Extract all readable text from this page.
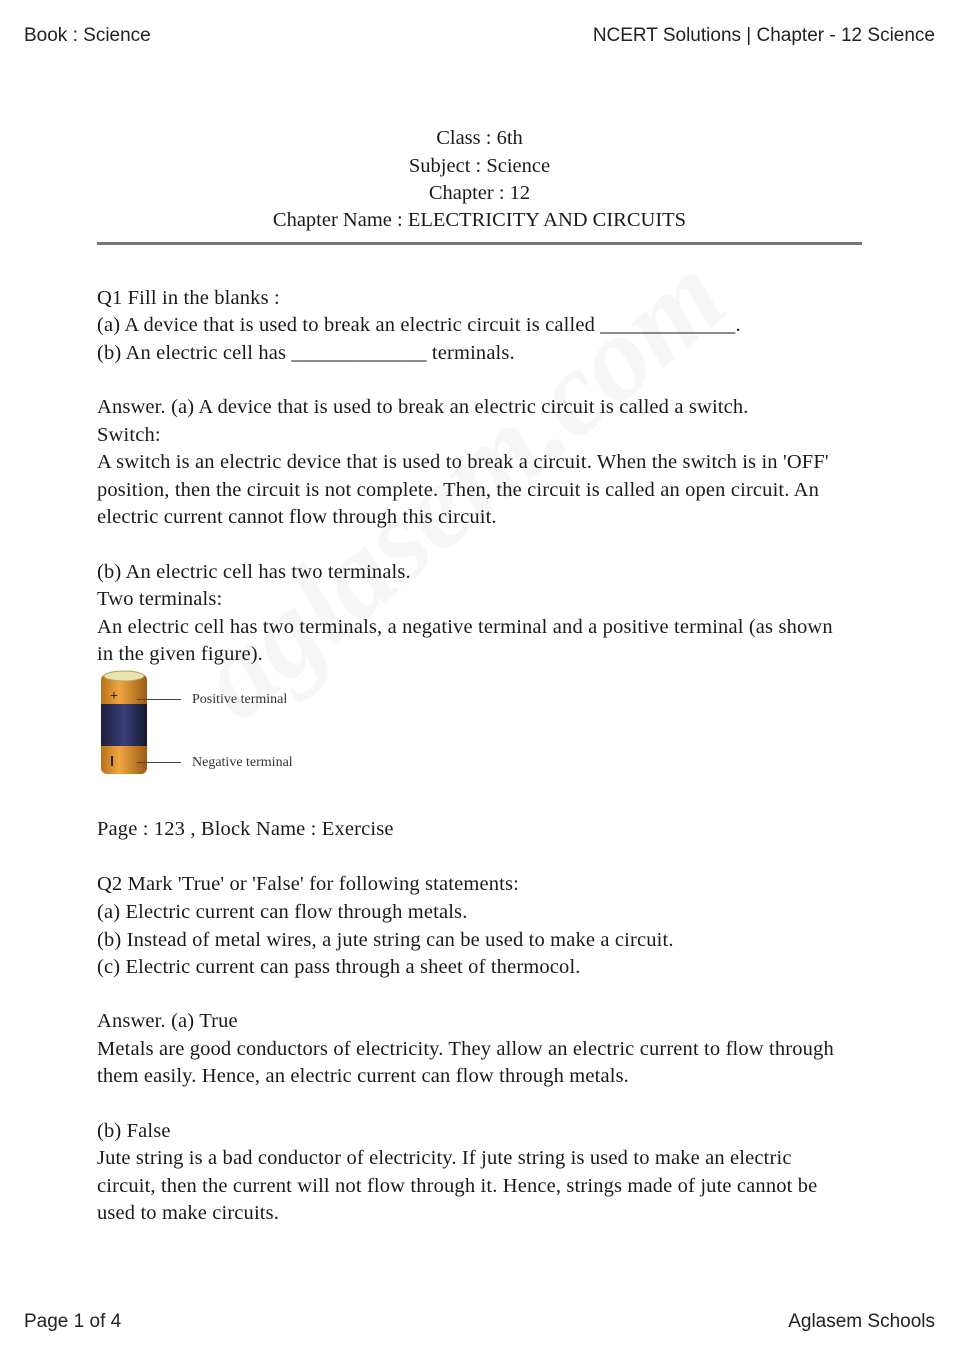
Book : Science	NCERT Solutions | Chapter - 12 Science
Class : 6th
Subject : Science
Chapter : 12
Chapter Name : ELECTRICITY AND CIRCUITS
Q1 Fill in the blanks :
(a) A device that is used to break an electric circuit is called _____________.
(b) An electric cell has _____________ terminals.
Answer. (a) A device that is used to break an electric circuit is called a switch.
Switch:
A switch is an electric device that is used to break a circuit. When the switch is in 'OFF'
position, then the circuit is not complete. Then, the circuit is called an open circuit. An
electric current cannot flow through this circuit.
(b) An electric cell has two terminals.
Two terminals:
An electric cell has two terminals, a negative terminal and a positive terminal (as shown
in the given figure).
+	Positive terminal
Negative terminal
Page : 123 , Block Name : Exercise
Q2 Mark 'True' or 'False' for following statements:
(a) Electric current can flow through metals.
(b) Instead of metal wires, a jute string can be used to make a circuit.
(c) Electric current can pass through a sheet of thermocol.
Answer. (a) True
Metals are good conductors of electricity. They allow an electric current to flow through
them easily. Hence, an electric current can flow through metals.
(b) False
Jute string is a bad conductor of electricity. If jute string is used to make an electric
circuit, then the current will not flow through it. Hence, strings made of jute cannot be
used to make circuits.
Page 1 of 4	Aglasem Schools
